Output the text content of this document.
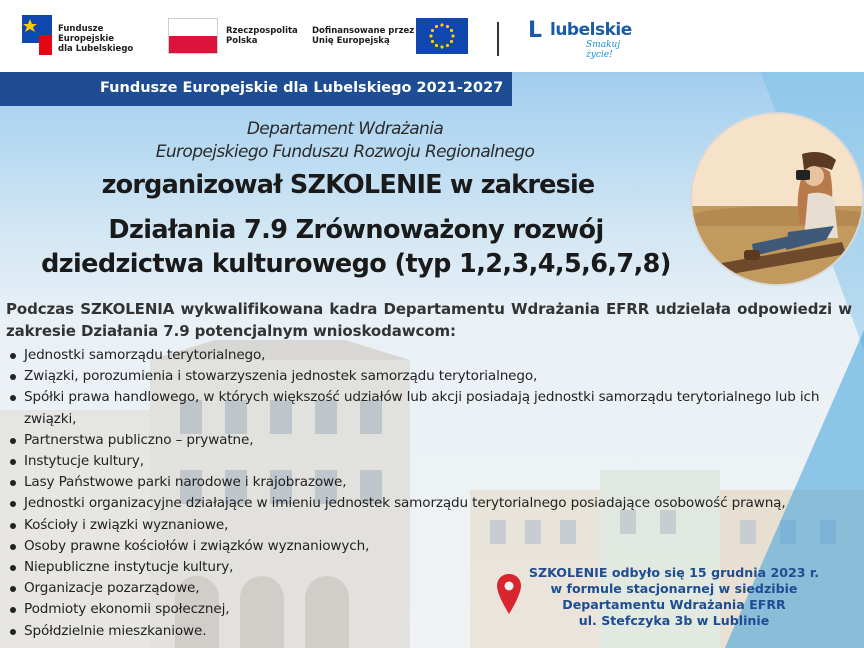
Fundusze Europejskie
dla Lubelskiego
Rzeczpospolita
Polska
Dofinansowane przez
Unię Europejską	L lubelskie
Smakuj życie!
Fundusze Europejskie dla Lubelskiego 2021-2027
Departament Wdrażania
Europejskiego Funduszu Rozwoju Regionalnego
zorganizował SZKOLENIE w zakresie
Działania 7.9 Zrównoważony rozwój
dziedzictwa kulturowego (typ 1,2,3,4,5,6,7,8)
Podczas SZKOLENIA wykwalifikowana kadra Departamentu Wdrażania EFRR udzielała odpowiedzi w zakresie Działania 7.9 potencjalnym wnioskodawcom:
Jednostki samorządu terytorialnego,
Związki, porozumienia i stowarzyszenia jednostek samorządu terytorialnego,
Spółki prawa handlowego, w których większość udziałów lub akcji posiadają jednostki samorządu terytorialnego lub ich związki,
Partnerstwa publiczno – prywatne,
Instytucje kultury,
Lasy Państwowe parki narodowe i krajobrazowe,
Jednostki organizacyjne działające w imieniu jednostek samorządu terytorialnego posiadające osobowość prawną,
Kościoły i związki wyznaniowe,
Osoby prawne kościołów i związków wyznaniowych,
Niepubliczne instytucje kultury,
Organizacje pozarządowe,
Podmioty ekonomii społecznej,
Spółdzielnie mieszkaniowe.
SZKOLENIE odbyło się 15 grudnia 2023 r.
w formule stacjonarnej w siedzibie
Departamentu Wdrażania EFRR
ul. Stefczyka 3b w Lublinie
